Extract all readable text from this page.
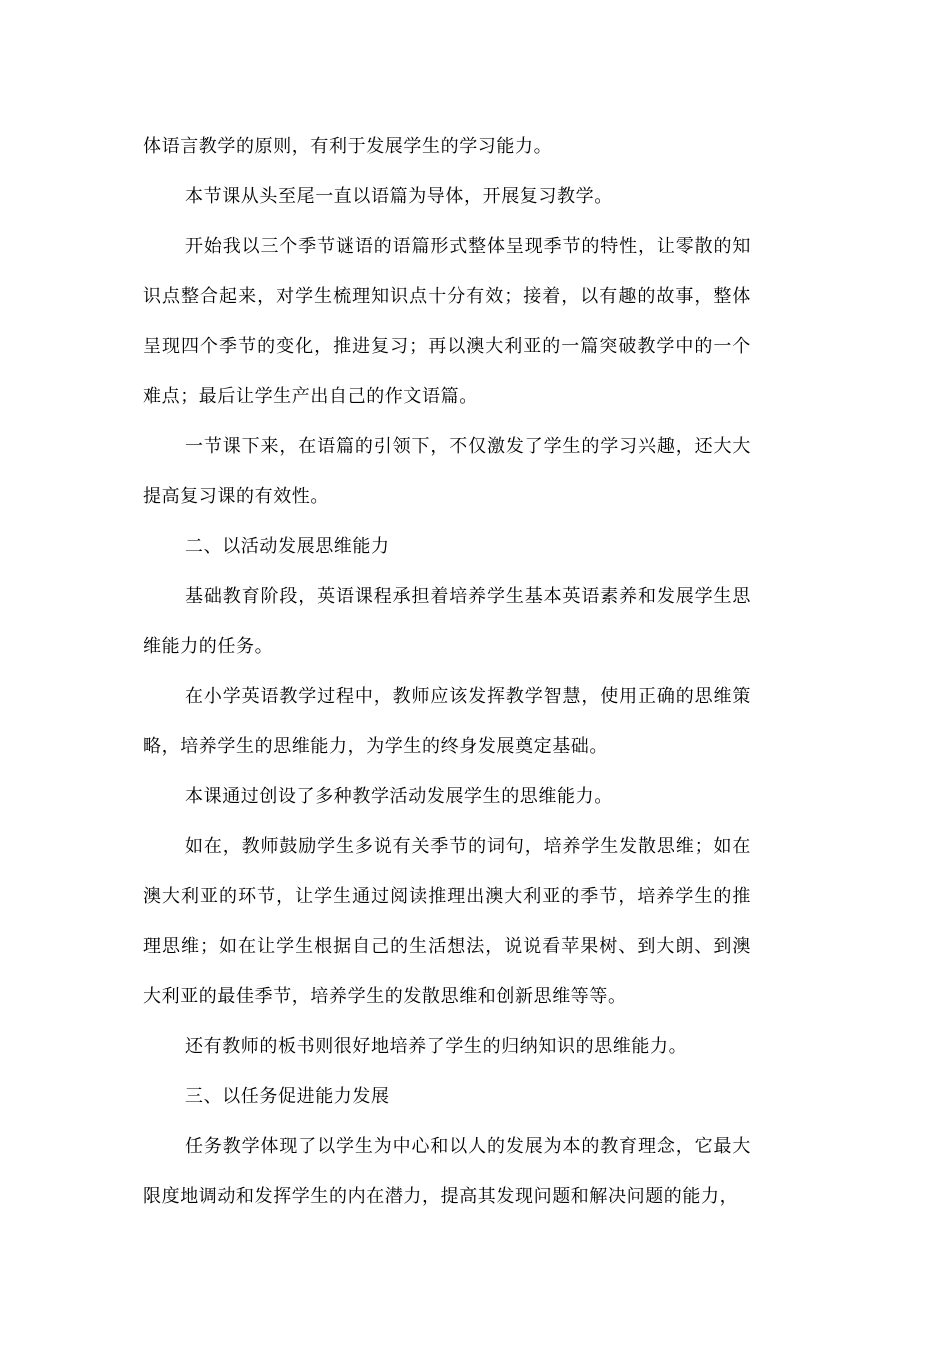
体语言教学的原则，有利于发展学生的学习能力。

本节课从头至尾一直以语篇为导体，开展复习教学。

开始我以三个季节谜语的语篇形式整体呈现季节的特性，让零散的知识点整合起来，对学生梳理知识点十分有效；接着，以有趣的故事，整体呈现四个季节的变化，推进复习；再以澳大利亚的一篇突破教学中的一个难点；最后让学生产出自己的作文语篇。

一节课下来，在语篇的引领下，不仅激发了学生的学习兴趣，还大大提高复习课的有效性。

二、以活动发展思维能力

基础教育阶段，英语课程承担着培养学生基本英语素养和发展学生思维能力的任务。

在小学英语教学过程中，教师应该发挥教学智慧，使用正确的思维策略，培养学生的思维能力，为学生的终身发展奠定基础。

本课通过创设了多种教学活动发展学生的思维能力。

如在，教师鼓励学生多说有关季节的词句，培养学生发散思维；如在澳大利亚的环节，让学生通过阅读推理出澳大利亚的季节，培养学生的推理思维；如在让学生根据自己的生活想法，说说看苹果树、到大朗、到澳大利亚的最佳季节，培养学生的发散思维和创新思维等等。

还有教师的板书则很好地培养了学生的归纳知识的思维能力。

三、以任务促进能力发展

任务教学体现了以学生为中心和以人的发展为本的教育理念，它最大限度地调动和发挥学生的内在潜力，提高其发现问题和解决问题的能力，
